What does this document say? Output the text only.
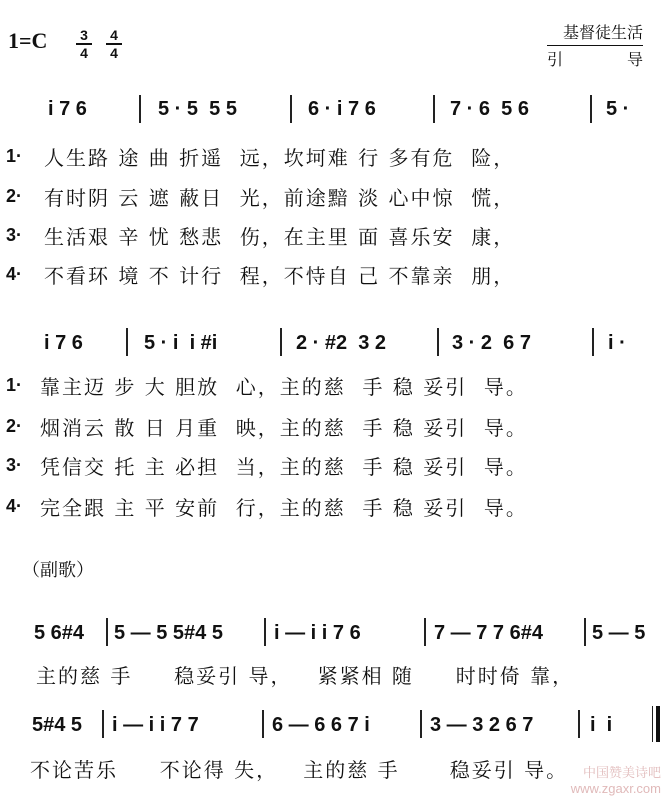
1=C 3
4
4
4
基督徒生活
引	导
i 7 6	5 · 5  5 5	6 · i 7 6	7 · 6  5 6	5 ·
1· 人生路 途 曲 折遥  远，坎坷难 行 多有危  险，
2· 有时阴 云 遮 蔽日  光，前途黯 淡 心中惊  慌，
3· 生活艰 辛 忧 愁悲  伤，在主里 面 喜乐安  康，
4· 不看环 境 不 计行  程，不恃自 己 不靠亲  朋，
i 7 6	5 · i  i #i	2 · #2  3 2	3 · 2  6 7	i ·
1· 靠主迈 步 大 胆放  心，主的慈  手 稳 妥引  导。
2· 烟消云 散 日 月重  映，主的慈  手 稳 妥引  导。
3· 凭信交 托 主 必担  当，主的慈  手 稳 妥引  导。
4· 完全跟 主 平 安前  行，主的慈  手 稳 妥引  导。
（副歌）
5 6#4 5 — 5 5#4 5	i — i i 7 6	7 — 7 7 6#4 5 — 5
主的慈 手     稳妥引 导，   紧紧相 随     时时倚 靠，
5#4 5 i — i i 7 7	6 — 6 6 7 i	3 — 3 2 6 7	i  i
不论苦乐     不论得 失，   主的慈 手      稳妥引 导。	中国赞美诗吧
www.zgaxr.com
